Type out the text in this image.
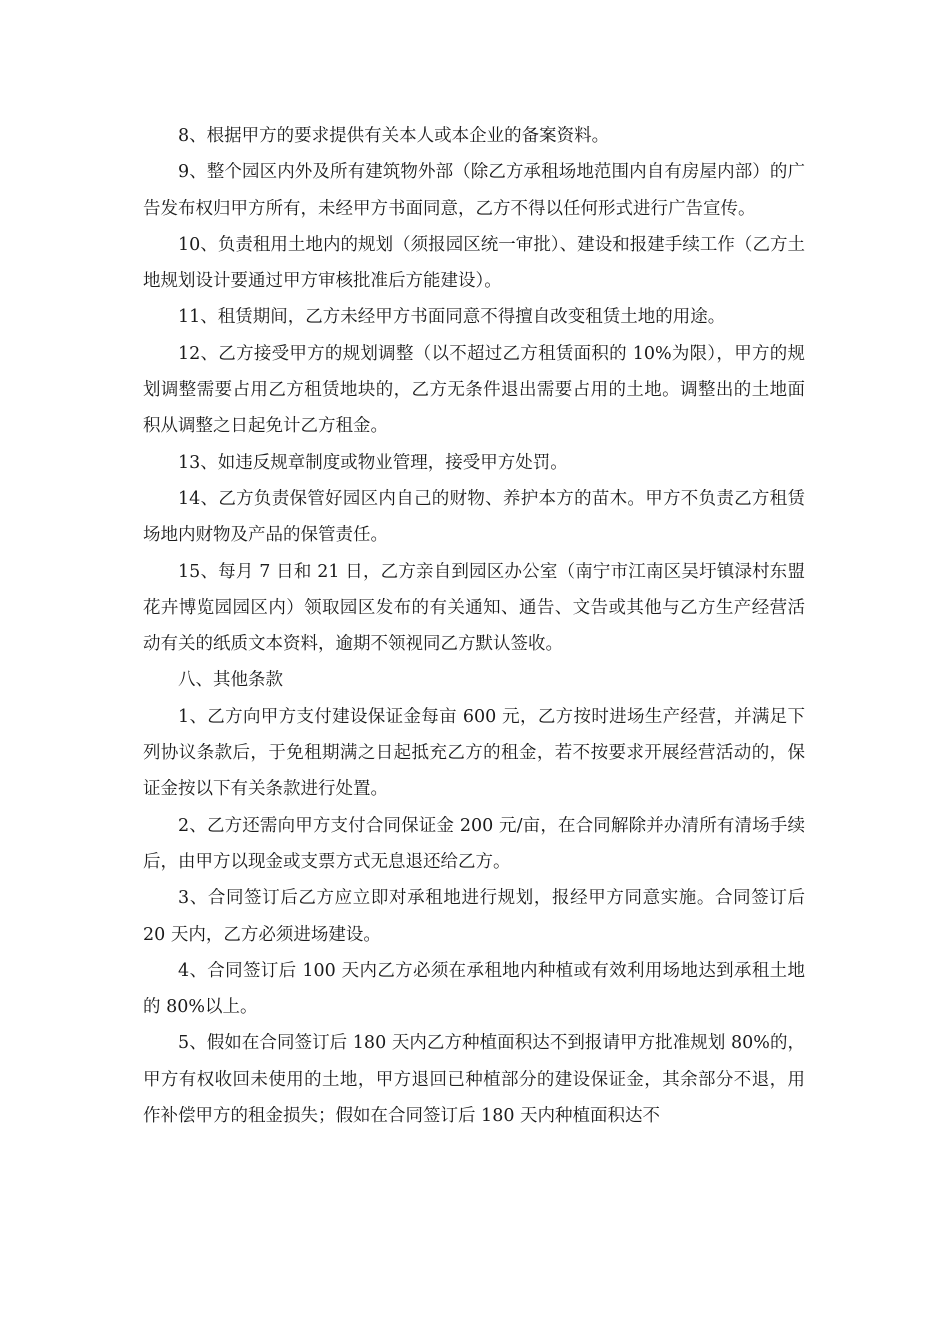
8、根据甲方的要求提供有关本人或本企业的备案资料。

9、整个园区内外及所有建筑物外部（除乙方承租场地范围内自有房屋内部）的广告发布权归甲方所有，未经甲方书面同意，乙方不得以任何形式进行广告宣传。

10、负责租用土地内的规划（须报园区统一审批）、建设和报建手续工作（乙方土地规划设计要通过甲方审核批准后方能建设）。

11、租赁期间，乙方未经甲方书面同意不得擅自改变租赁土地的用途。

12、乙方接受甲方的规划调整（以不超过乙方租赁面积的 10%为限），甲方的规划调整需要占用乙方租赁地块的，乙方无条件退出需要占用的土地。调整出的土地面积从调整之日起免计乙方租金。

13、如违反规章制度或物业管理，接受甲方处罚。

14、乙方负责保管好园区内自己的财物、养护本方的苗木。甲方不负责乙方租赁场地内财物及产品的保管责任。

15、每月 7 日和 21 日，乙方亲自到园区办公室（南宁市江南区吴圩镇渌村东盟花卉博览园园区内）领取园区发布的有关通知、通告、文告或其他与乙方生产经营活动有关的纸质文本资料，逾期不领视同乙方默认签收。

八、其他条款

1、乙方向甲方支付建设保证金每亩 600 元，乙方按时进场生产经营，并满足下列协议条款后，于免租期满之日起抵充乙方的租金，若不按要求开展经营活动的，保证金按以下有关条款进行处置。

2、乙方还需向甲方支付合同保证金 200 元/亩，在合同解除并办清所有清场手续后，由甲方以现金或支票方式无息退还给乙方。

3、合同签订后乙方应立即对承租地进行规划，报经甲方同意实施。合同签订后 20 天内，乙方必须进场建设。

4、合同签订后 100 天内乙方必须在承租地内种植或有效利用场地达到承租土地的 80%以上。

5、假如在合同签订后 180 天内乙方种植面积达不到报请甲方批准规划 80%的，甲方有权收回未使用的土地，甲方退回已种植部分的建设保证金，其余部分不退，用作补偿甲方的租金损失；假如在合同签订后 180 天内种植面积达不
